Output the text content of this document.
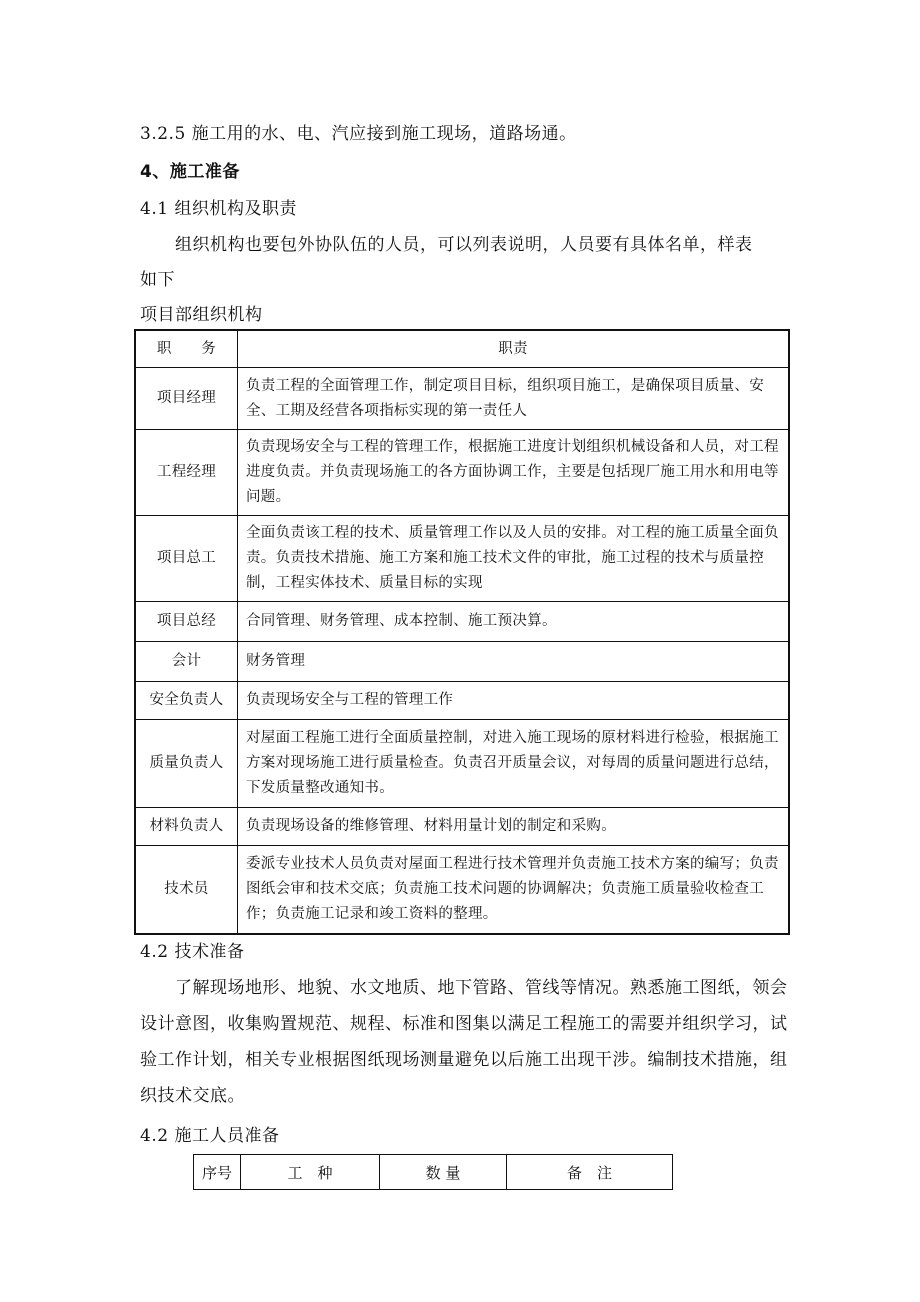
3.2.5 施工用的水、电、汽应接到施工现场，道路场通。
4、施工准备
4.1 组织机构及职责
组织机构也要包外协队伍的人员，可以列表说明，人员要有具体名单，样表
如下
项目部组织机构
职　　务	职责
项目经理	负责工程的全面管理工作，制定项目目标，组织项目施工，是确保项目质量、安全、工期及经营各项指标实现的第一责任人
工程经理	负责现场安全与工程的管理工作，根据施工进度计划组织机械设备和人员，对工程进度负责。并负责现场施工的各方面协调工作，主要是包括现厂施工用水和用电等问题。
项目总工	全面负责该工程的技术、质量管理工作以及人员的安排。对工程的施工质量全面负责。负责技术措施、施工方案和施工技术文件的审批，施工过程的技术与质量控制，工程实体技术、质量目标的实现
项目总经	合同管理、财务管理、成本控制、施工预决算。
会计	财务管理
安全负责人	负责现场安全与工程的管理工作
质量负责人	对屋面工程施工进行全面质量控制，对进入施工现场的原材料进行检验，根据施工方案对现场施工进行质量检查。负责召开质量会议，对每周的质量问题进行总结，下发质量整改通知书。
材料负责人	负责现场设备的维修管理、材料用量计划的制定和采购。
技术员	委派专业技术人员负责对屋面工程进行技术管理并负责施工技术方案的编写；负责图纸会审和技术交底；负责施工技术问题的协调解决；负责施工质量验收检查工作；负责施工记录和竣工资料的整理。
4.2 技术准备
了解现场地形、地貌、水文地质、地下管路、管线等情况。熟悉施工图纸，领会设计意图，收集购置规范、规程、标准和图集以满足工程施工的需要并组织学习，试验工作计划，相关专业根据图纸现场测量避免以后施工出现干涉。编制技术措施，组织技术交底。
4.2 施工人员准备
序号	工　种	数 量	备　注
